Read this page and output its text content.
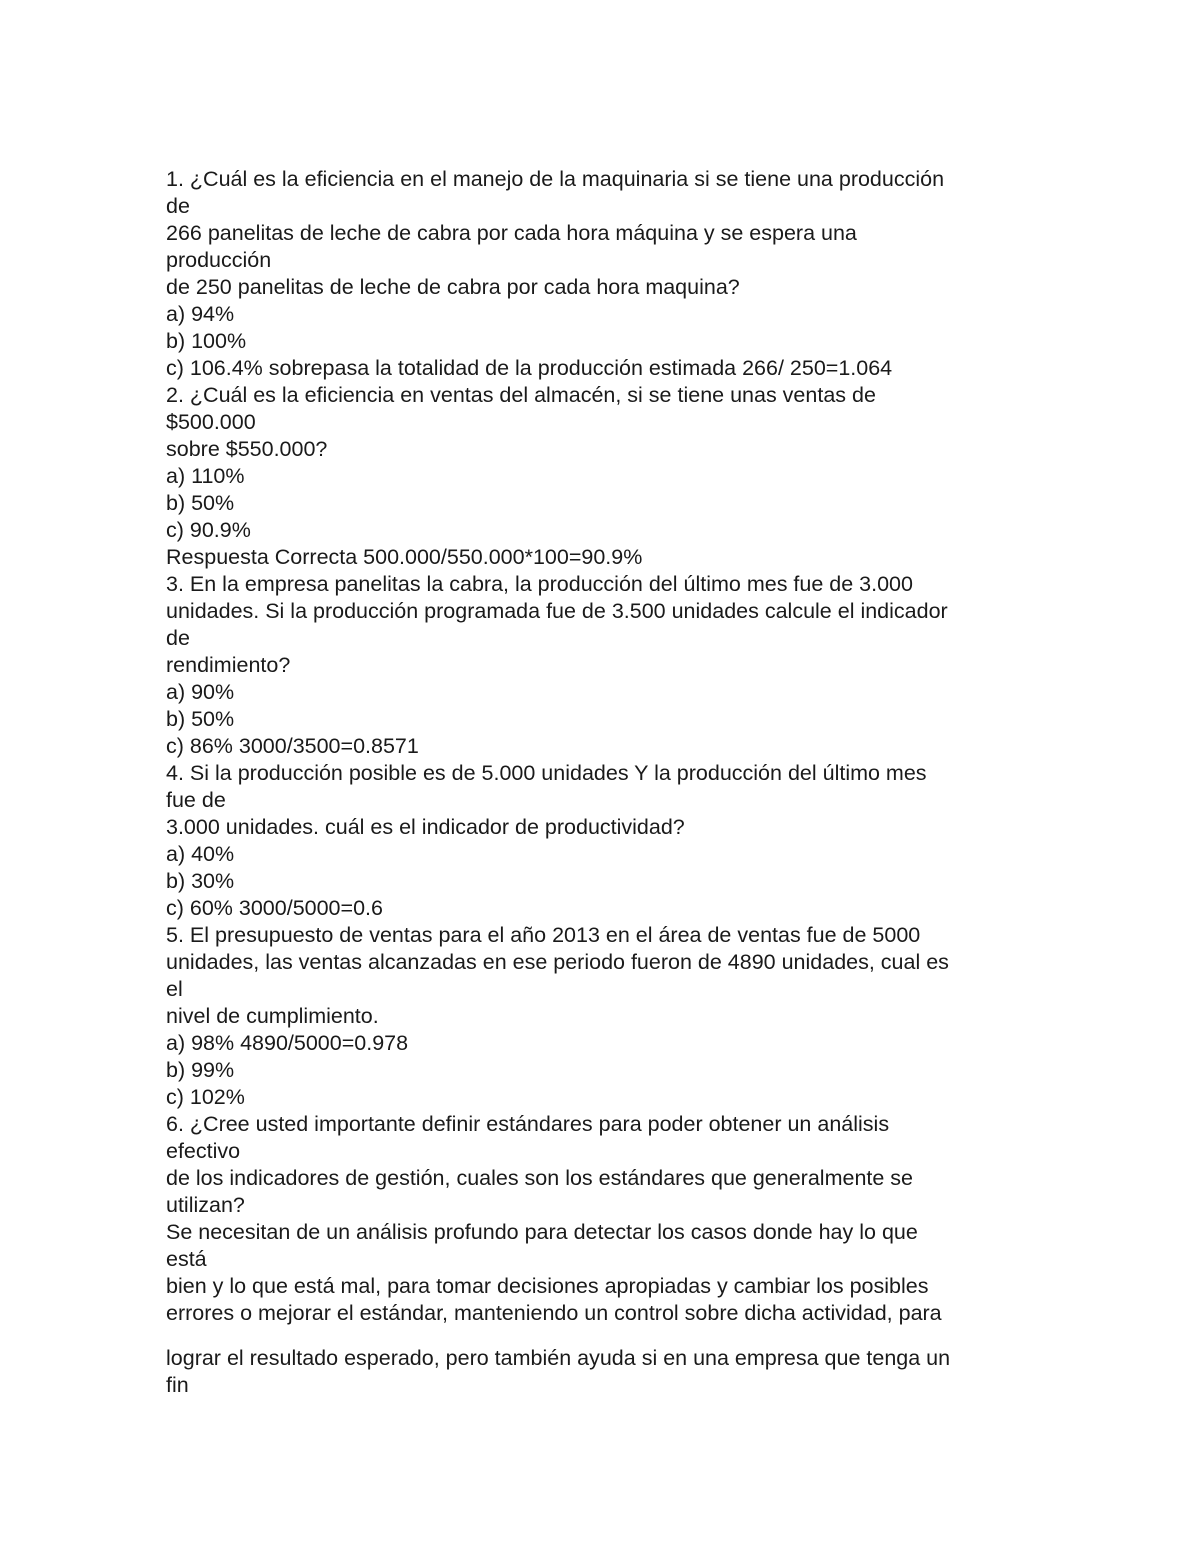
1. ¿Cuál es la eficiencia en el manejo de la maquinaria si se tiene una producción
de
266 panelitas de leche de cabra por cada hora máquina y se espera una
producción
de 250 panelitas de leche de cabra por cada hora maquina?
a) 94%
b) 100%
c) 106.4% sobrepasa la totalidad de la producción estimada 266/ 250=1.064
2. ¿Cuál es la eficiencia en ventas del almacén, si se tiene unas ventas de
$500.000
sobre $550.000?
a) 110%
b) 50%
c) 90.9%
Respuesta Correcta 500.000/550.000*100=90.9%
3. En la empresa panelitas la cabra, la producción del último mes fue de 3.000
unidades. Si la producción programada fue de 3.500 unidades calcule el indicador
de
rendimiento?
a) 90%
b) 50%
c) 86% 3000/3500=0.8571
4. Si la producción posible es de 5.000 unidades Y la producción del último mes
fue de
3.000 unidades. cuál es el indicador de productividad?
a) 40%
b) 30%
c) 60% 3000/5000=0.6
5. El presupuesto de ventas para el año 2013 en el área de ventas fue de 5000
unidades, las ventas alcanzadas en ese periodo fueron de 4890 unidades, cual es
el
nivel de cumplimiento.
a) 98% 4890/5000=0.978
b) 99%
c) 102%
6. ¿Cree usted importante definir estándares para poder obtener un análisis
efectivo
de los indicadores de gestión, cuales son los estándares que generalmente se
utilizan?
Se necesitan de un análisis profundo para detectar los casos donde hay lo que
está
bien y lo que está mal, para tomar decisiones apropiadas y cambiar los posibles
errores o mejorar el estándar, manteniendo un control sobre dicha actividad, para
lograr el resultado esperado, pero también ayuda si en una empresa que tenga un
fin
